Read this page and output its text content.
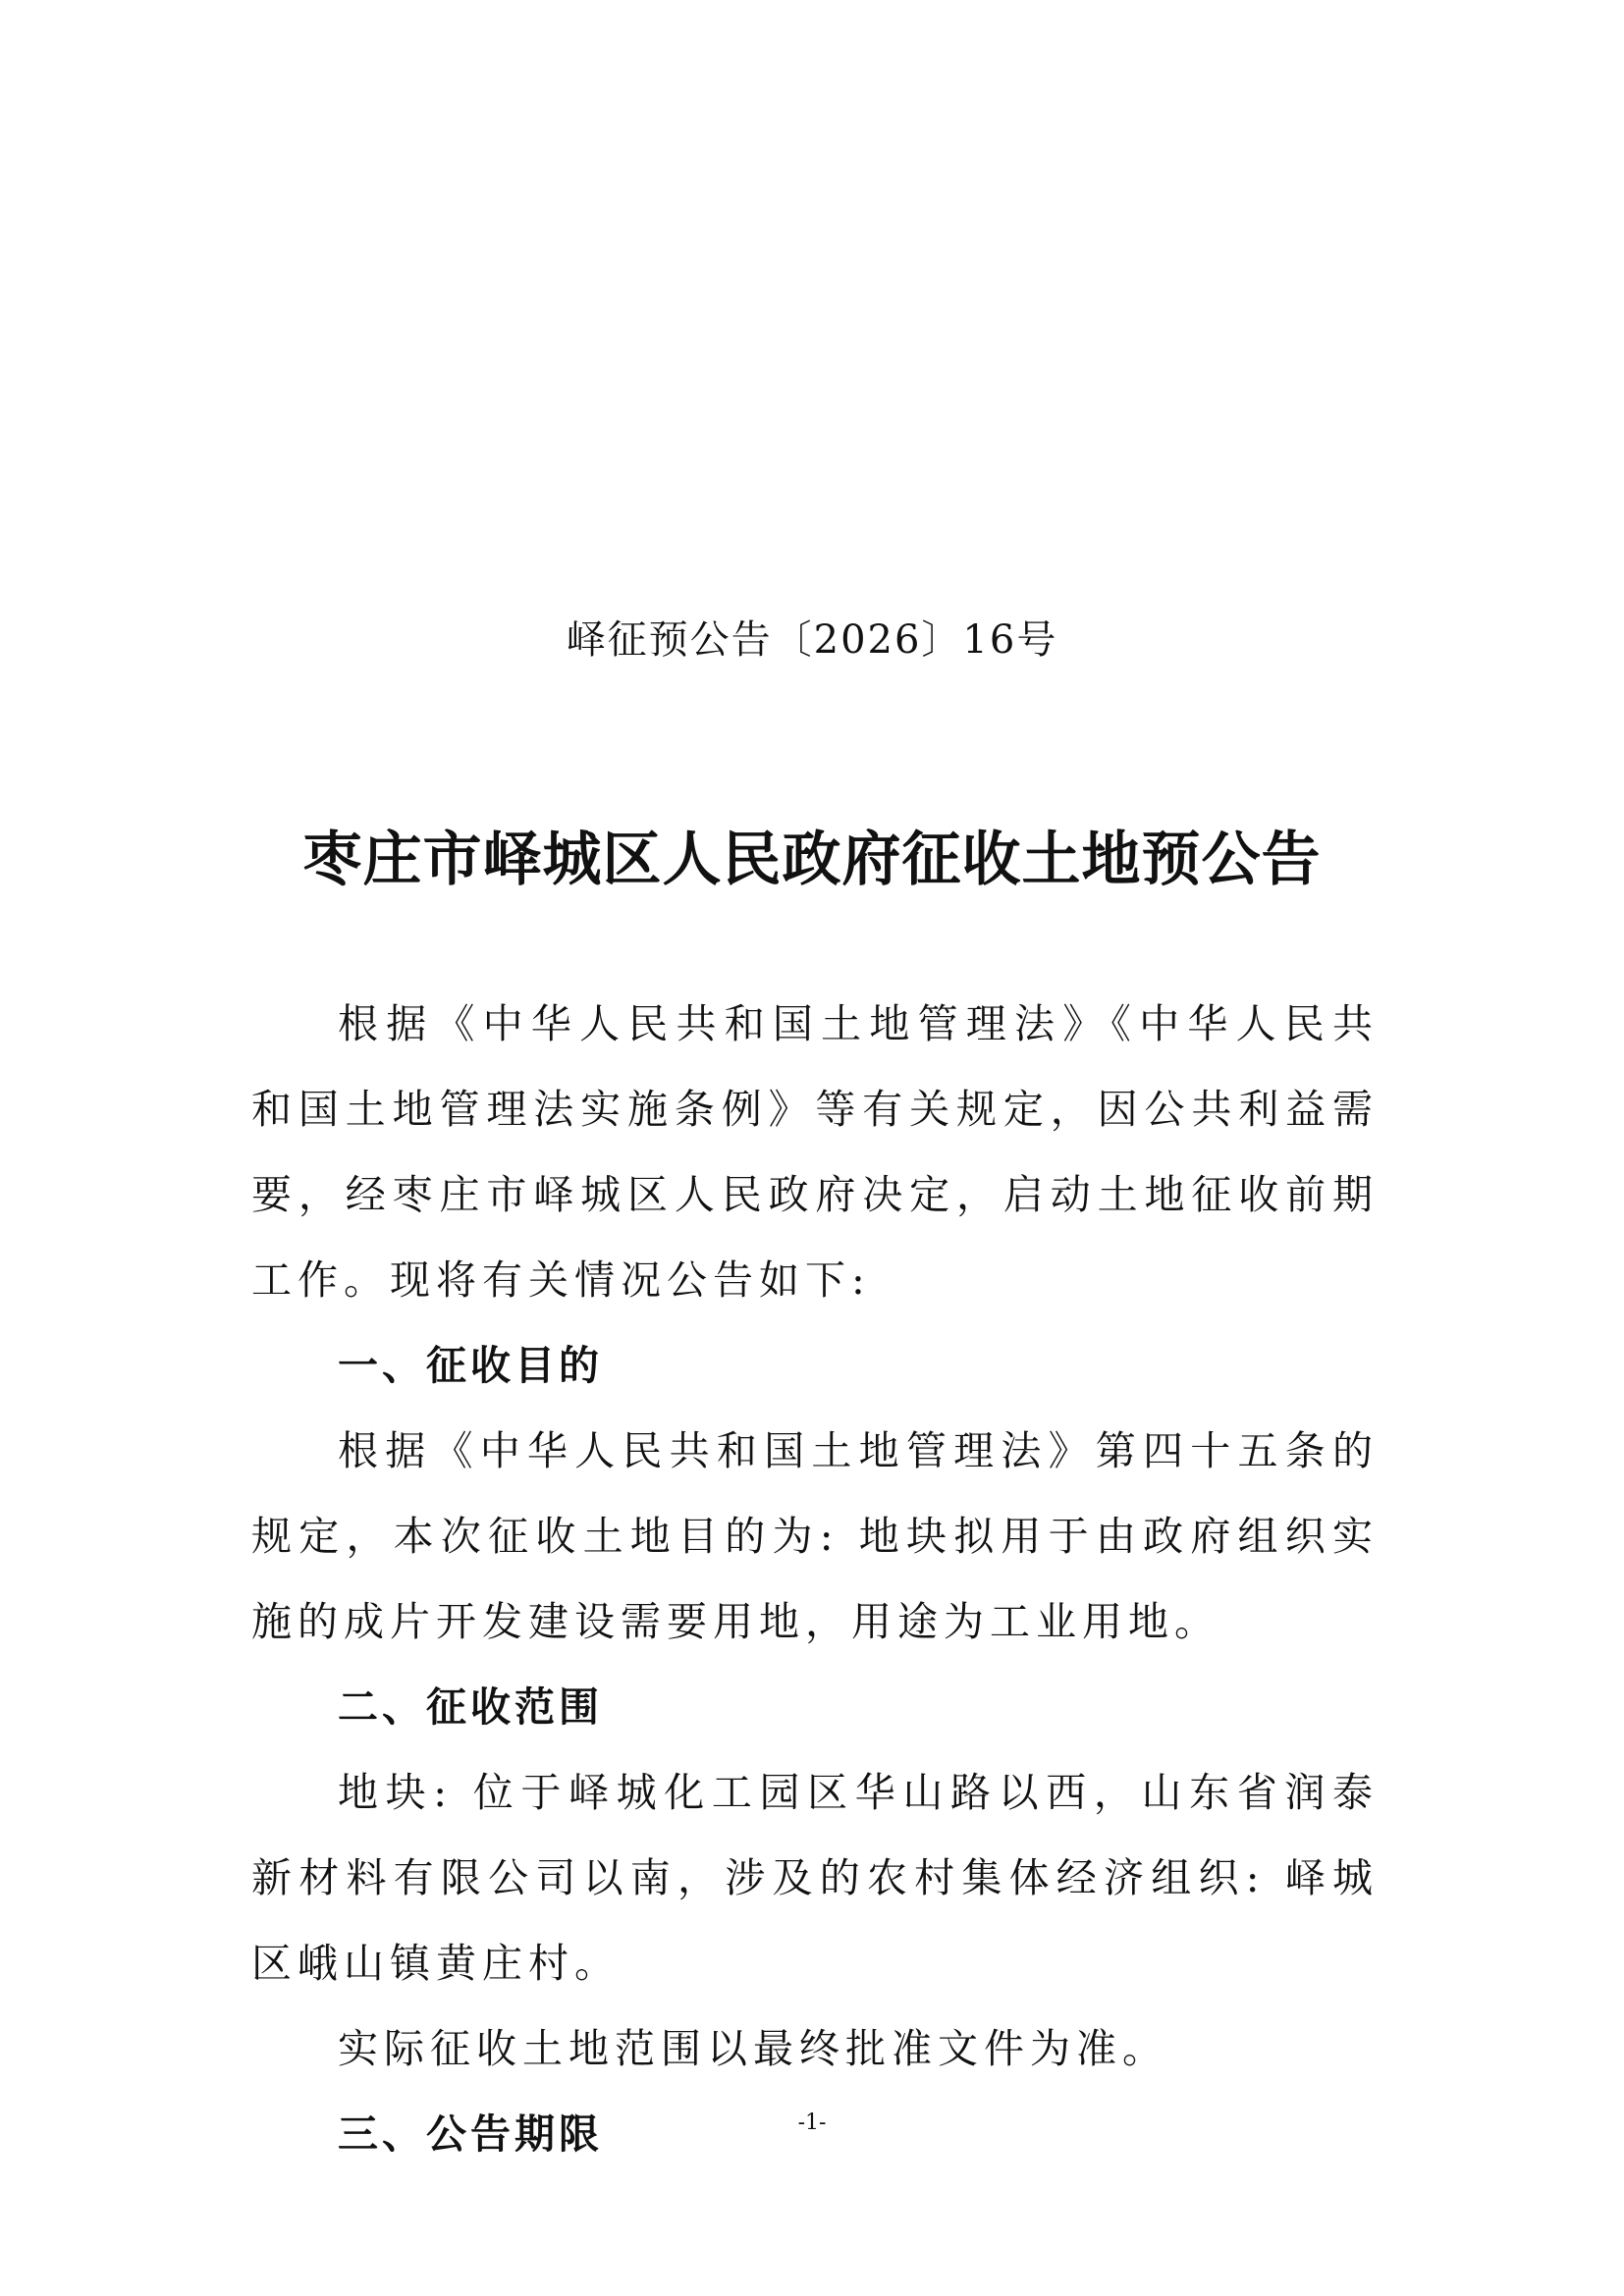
峄征预公告〔2026〕16号
枣庄市峄城区人民政府征收土地预公告

根据《中华人民共和国土地管理法》《中华人民共和国土地管理法实施条例》等有关规定，因公共利益需要，经枣庄市峄城区人民政府决定，启动土地征收前期工作。现将有关情况公告如下:

一、征收目的

根据《中华人民共和国土地管理法》第四十五条的规定，本次征收土地目的为: 地块拟用于由政府组织实施的成片开发建设需要用地，用途为工业用地。

二、征收范围

地块: 位于峄城化工园区华山路以西，山东省润泰新材料有限公司以南，涉及的农村集体经济组织: 峄城区峨山镇黄庄村。

实际征收土地范围以最终批准文件为准。

三、公告期限	-1-
